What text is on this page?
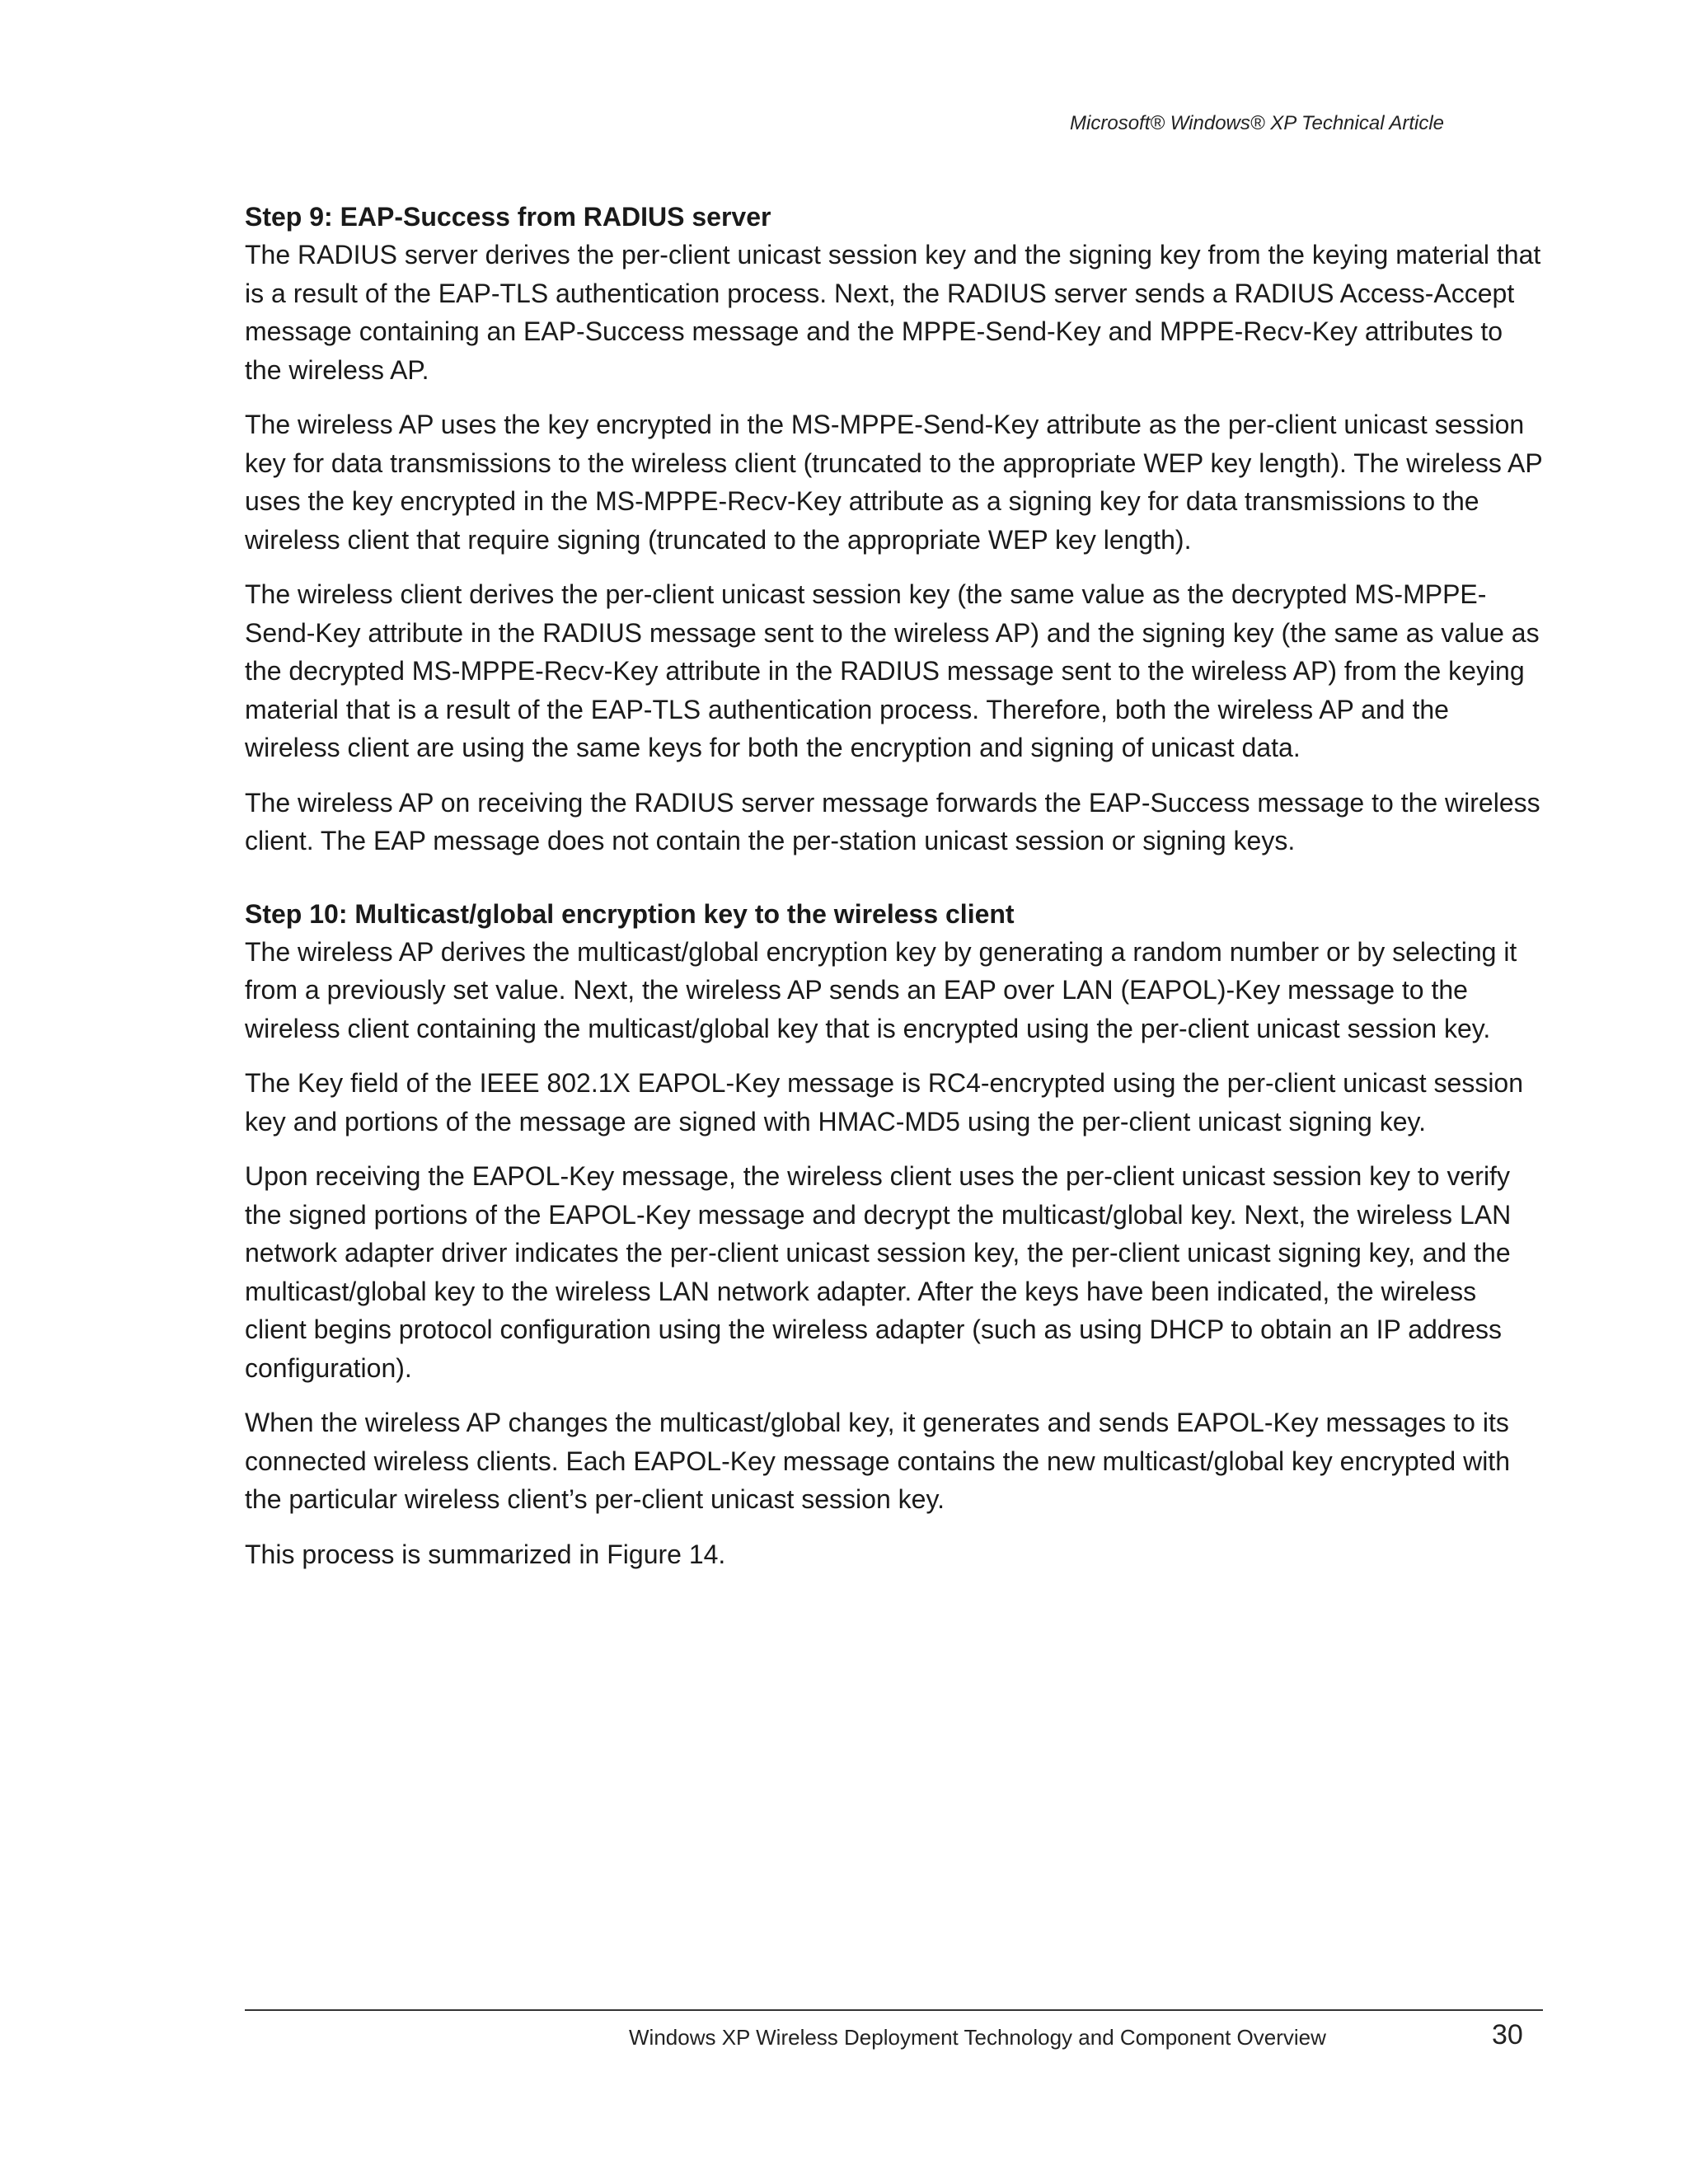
Microsoft® Windows® XP Technical Article

Step 9: EAP-Success from RADIUS server

The RADIUS server derives the per-client unicast session key and the signing key from the keying material that is a result of the EAP-TLS authentication process. Next, the RADIUS server sends a RADIUS Access-Accept message containing an EAP-Success message and the MPPE-Send-Key and MPPE-Recv-Key attributes to the wireless AP.

The wireless AP uses the key encrypted in the MS-MPPE-Send-Key attribute as the per-client unicast session key for data transmissions to the wireless client (truncated to the appropriate WEP key length). The wireless AP uses the key encrypted in the MS-MPPE-Recv-Key attribute as a signing key for data transmissions to the wireless client that require signing (truncated to the appropriate WEP key length).

The wireless client derives the per-client unicast session key (the same value as the decrypted MS-MPPE-Send-Key attribute in the RADIUS message sent to the wireless AP) and the signing key (the same as value as the decrypted MS-MPPE-Recv-Key attribute in the RADIUS message sent to the wireless AP) from the keying material that is a result of the EAP-TLS authentication process. Therefore, both the wireless AP and the wireless client are using the same keys for both the encryption and signing of unicast data.

The wireless AP on receiving the RADIUS server message forwards the EAP-Success message to the wireless client. The EAP message does not contain the per-station unicast session or signing keys.

Step 10: Multicast/global encryption key to the wireless client

The wireless AP derives the multicast/global encryption key by generating a random number or by selecting it from a previously set value. Next, the wireless AP sends an EAP over LAN (EAPOL)-Key message to the wireless client containing the multicast/global key that is encrypted using the per-client unicast session key.

The Key field of the IEEE 802.1X EAPOL-Key message is RC4-encrypted using the per-client unicast session key and portions of the message are signed with HMAC-MD5 using the per-client unicast signing key.

Upon receiving the EAPOL-Key message, the wireless client uses the per-client unicast session key to verify the signed portions of the EAPOL-Key message and decrypt the multicast/global key. Next, the wireless LAN network adapter driver indicates the per-client unicast session key, the per-client unicast signing key, and the multicast/global key to the wireless LAN network adapter. After the keys have been indicated, the wireless client begins protocol configuration using the wireless adapter (such as using DHCP to obtain an IP address configuration).

When the wireless AP changes the multicast/global key, it generates and sends EAPOL-Key messages to its connected wireless clients. Each EAPOL-Key message contains the new multicast/global key encrypted with the particular wireless client’s per-client unicast session key.

This process is summarized in Figure 14.

Windows XP Wireless Deployment Technology and Component Overview	30
